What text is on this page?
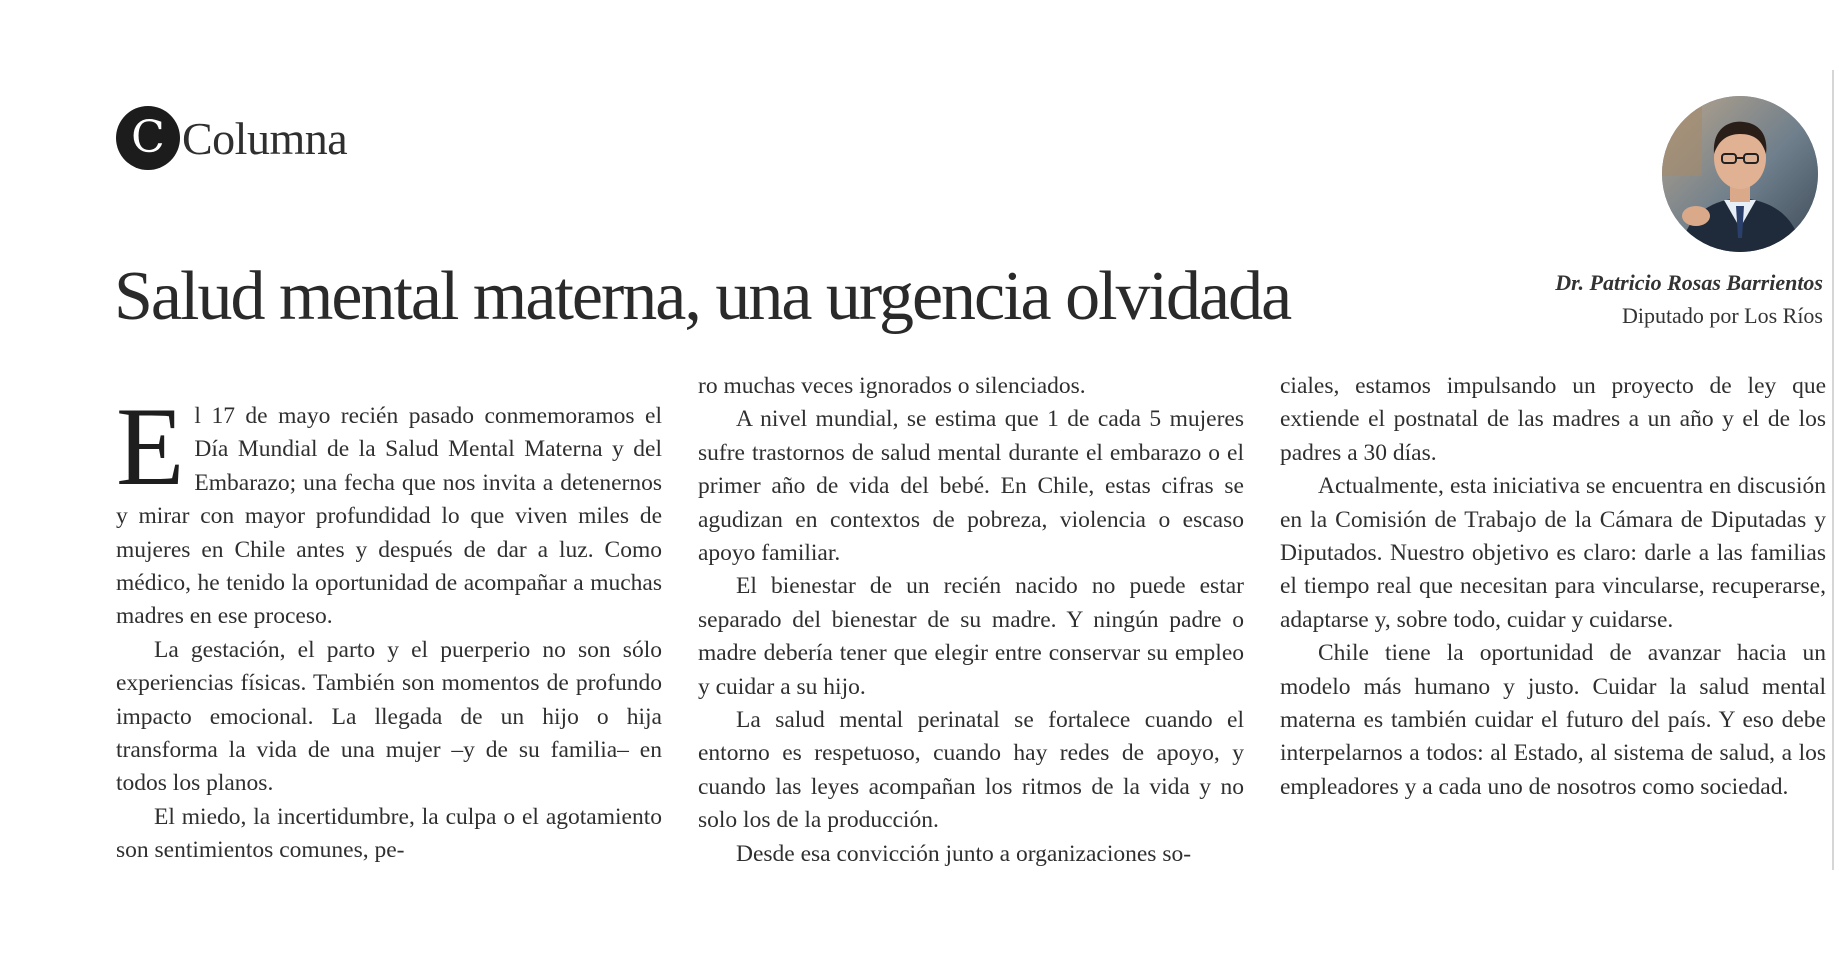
C Columna
Salud mental materna, una urgencia olvidada	Dr. Patricio Rosas Barrientos
Diputado por Los Ríos

El 17 de mayo recién pasado conmemoramos el Día Mundial de la Salud Mental Materna y del Embarazo; una fecha que nos invita a detenernos y mirar con mayor profundidad lo que viven miles de mujeres en Chile antes y después de dar a luz. Como médico, he tenido la oportunidad de acompañar a muchas madres en ese proceso.

La gestación, el parto y el puerperio no son sólo experiencias físicas. También son momentos de profundo impacto emocional. La llegada de un hijo o hija transforma la vida de una mujer –y de su familia– en todos los planos.

El miedo, la incertidumbre, la culpa o el agotamiento son sentimientos comunes, pe-

ro muchas veces ignorados o silenciados.

A nivel mundial, se estima que 1 de cada 5 mujeres sufre trastornos de salud mental durante el embarazo o el primer año de vida del bebé. En Chile, estas cifras se agudizan en contextos de pobreza, violencia o escaso apoyo familiar.

El bienestar de un recién nacido no puede estar separado del bienestar de su madre. Y ningún padre o madre debería tener que elegir entre conservar su empleo y cuidar a su hijo.

La salud mental perinatal se fortalece cuando el entorno es respetuoso, cuando hay redes de apoyo, y cuando las leyes acompañan los ritmos de la vida y no solo los de la producción.

Desde esa convicción junto a organizaciones so-

ciales, estamos impulsando un proyecto de ley que extiende el postnatal de las madres a un año y el de los padres a 30 días.

Actualmente, esta iniciativa se encuentra en discusión en la Comisión de Trabajo de la Cámara de Diputadas y Diputados. Nuestro objetivo es claro: darle a las familias el tiempo real que necesitan para vincularse, recuperarse, adaptarse y, sobre todo, cuidar y cuidarse.

Chile tiene la oportunidad de avanzar hacia un modelo más humano y justo. Cuidar la salud mental materna es también cuidar el futuro del país. Y eso debe interpelarnos a todos: al Estado, al sistema de salud, a los empleadores y a cada uno de nosotros como sociedad.
